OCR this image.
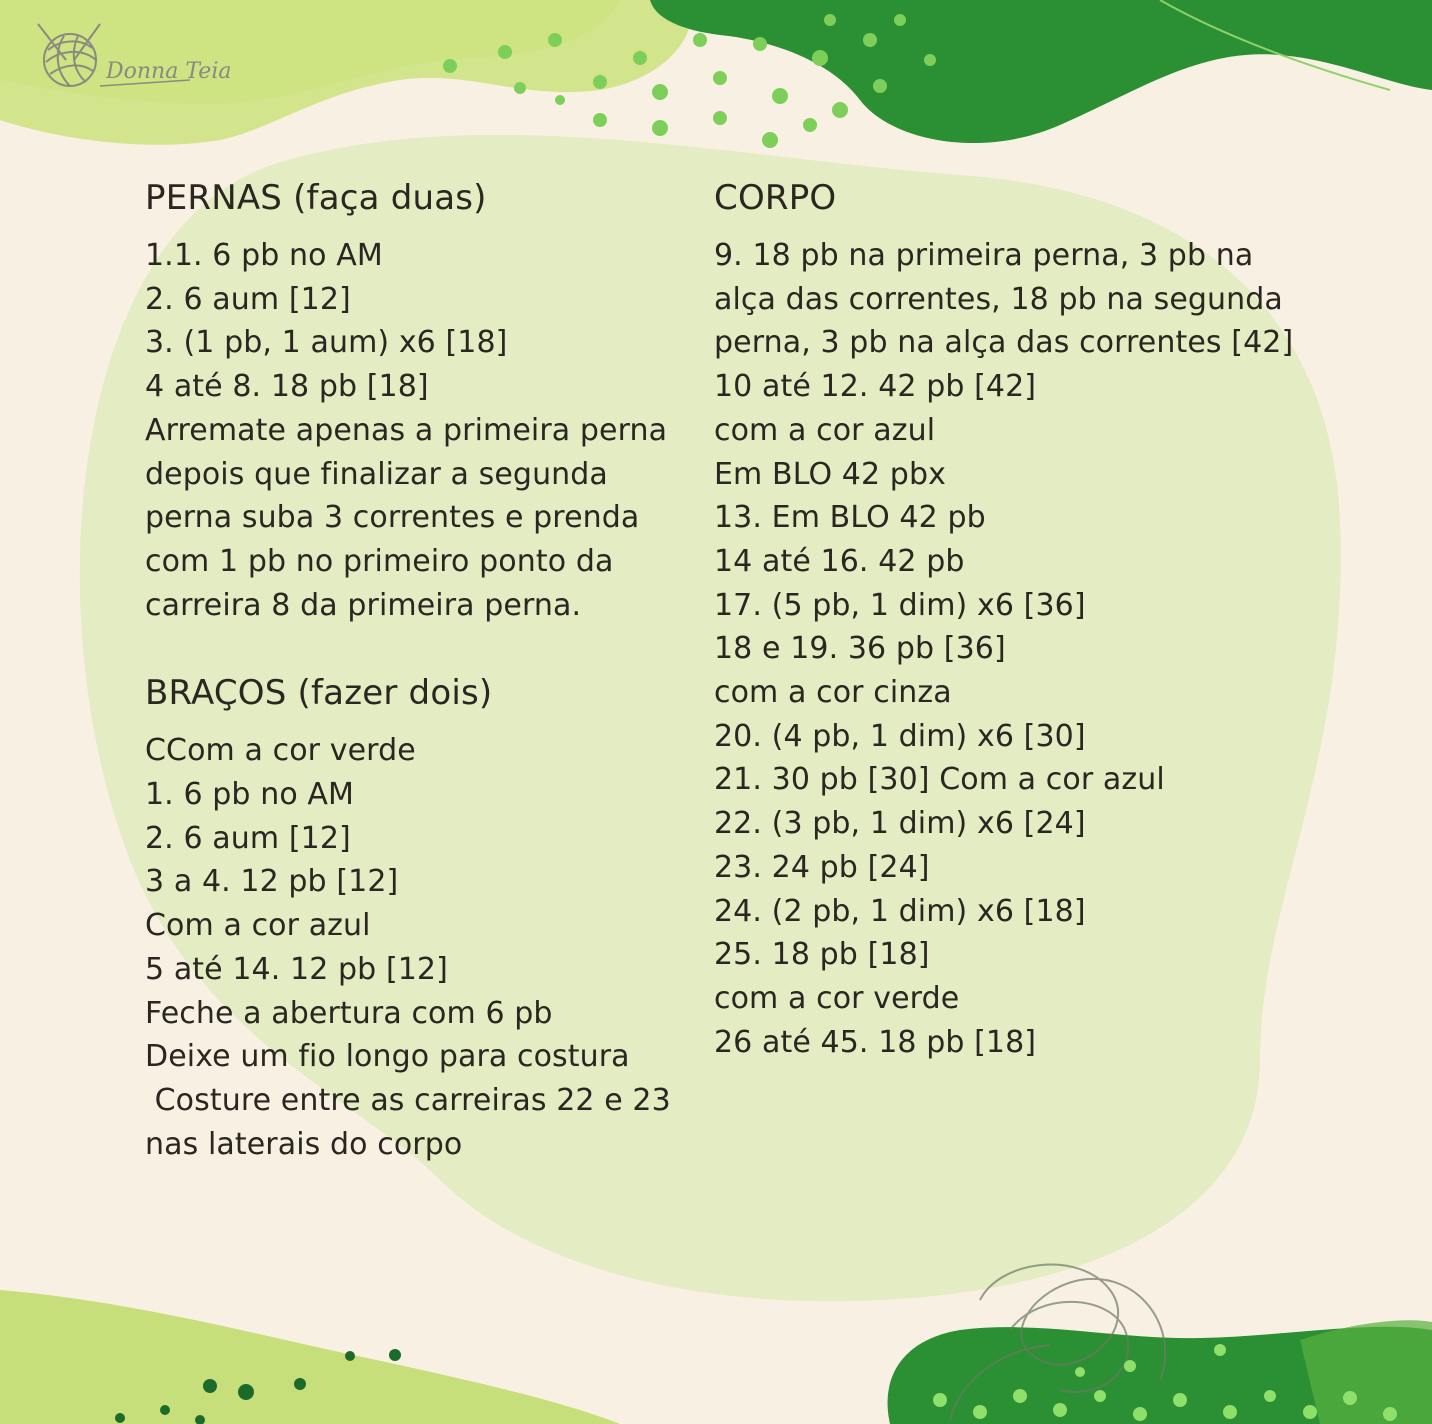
Donna Teia
PERNAS (faça duas)
1.1. 6 pb no AM
2. 6 aum [12]
3. (1 pb, 1 aum) x6 [18]
4 até 8. 18 pb [18]
Arremate apenas a primeira perna
depois que finalizar a segunda
perna suba 3 correntes e prenda
com 1 pb no primeiro ponto da
carreira 8 da primeira perna.
BRAÇOS (fazer dois)
CCom a cor verde
1. 6 pb no AM
2. 6 aum [12]
3 a 4. 12 pb [12]
Com a cor azul
5 até 14. 12 pb [12]
Feche a abertura com 6 pb
Deixe um fio longo para costura
Costure entre as carreiras 22 e 23
nas laterais do corpo
CORPO
9. 18 pb na primeira perna, 3 pb na
alça das correntes, 18 pb na segunda
perna, 3 pb na alça das correntes [42]
10 até 12. 42 pb [42]
com a cor azul
Em BLO 42 pbx
13. Em BLO 42 pb
14 até 16. 42 pb
17. (5 pb, 1 dim) x6 [36]
18 e 19. 36 pb [36]
com a cor cinza
20. (4 pb, 1 dim) x6 [30]
21. 30 pb [30] Com a cor azul
22. (3 pb, 1 dim) x6 [24]
23. 24 pb [24]
24. (2 pb, 1 dim) x6 [18]
25. 18 pb [18]
com a cor verde
26 até 45. 18 pb [18]
